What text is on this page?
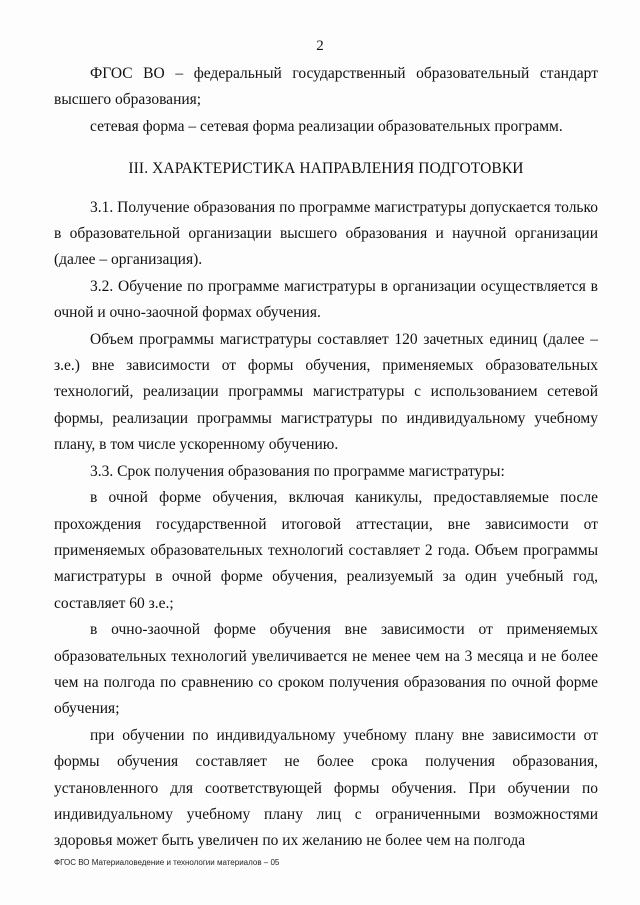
2

ФГОС ВО – федеральный государственный образовательный стандарт высшего образования;

сетевая форма – сетевая форма реализации образовательных программ.

III. ХАРАКТЕРИСТИКА НАПРАВЛЕНИЯ ПОДГОТОВКИ

3.1. Получение образования по программе магистратуры допускается только в образовательной организации высшего образования и научной организации (далее – организация).

3.2. Обучение по программе магистратуры в организации осуществляется в очной и очно-заочной формах обучения.

Объем программы магистратуры составляет 120 зачетных единиц (далее – з.е.) вне зависимости от формы обучения, применяемых образовательных технологий, реализации программы магистратуры с использованием сетевой формы, реализации программы магистратуры по индивидуальному учебному плану, в том числе ускоренному обучению.

3.3. Срок получения образования по программе магистратуры:

в очной форме обучения, включая каникулы, предоставляемые после прохождения государственной итоговой аттестации, вне зависимости от применяемых образовательных технологий составляет 2 года. Объем программы магистратуры в очной форме обучения, реализуемый за один учебный год, составляет 60 з.е.;

в очно-заочной форме обучения вне зависимости от применяемых образовательных технологий увеличивается не менее чем на 3 месяца и не более чем на полгода по сравнению со сроком получения образования по очной форме обучения;

при обучении по индивидуальному учебному плану вне зависимости от формы обучения составляет не более срока получения образования, установленного для соответствующей формы обучения. При обучении по индивидуальному учебному плану лиц с ограниченными возможностями здоровья может быть увеличен по их желанию не более чем на полгода

ФГОС ВО Материаловедение и технологии материалов – 05
